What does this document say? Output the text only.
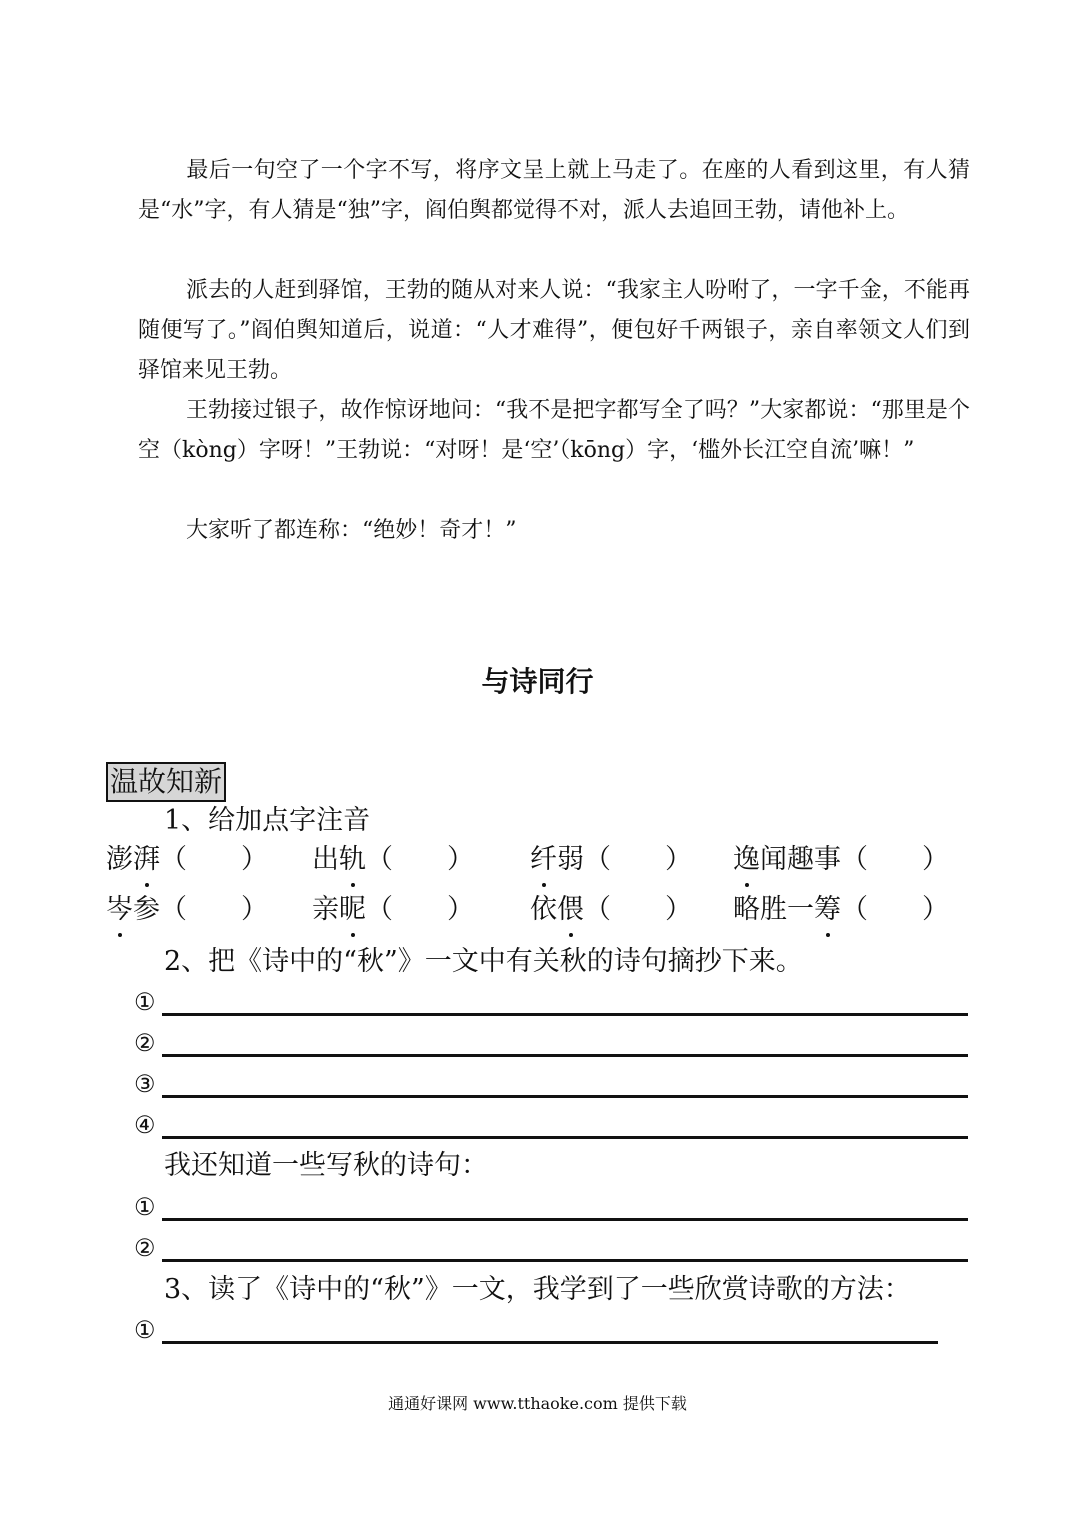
最后一句空了一个字不写，将序文呈上就上马走了。在座的人看到这里，有人猜是“水”字，有人猜是“独”字，阎伯舆都觉得不对，派人去追回王勃，请他补上。
派去的人赶到驿馆，王勃的随从对来人说：“我家主人吩咐了，一字千金，不能再随便写了。”阎伯舆知道后，说道：“人才难得”，便包好千两银子，亲自率领文人们到驿馆来见王勃。
王勃接过银子，故作惊讶地问：“我不是把字都写全了吗？”大家都说：“那里是个空（kòng）字呀！”王勃说：“对呀！是‘空’（kōng）字，‘槛外长江空自流’嘛！”
大家听了都连称：“绝妙！奇才！”
与诗同行
温故知新
1、给加点字注音
澎湃（　　） 出轨（　　） 纤弱（　　） 逸闻趣事（　　）
岑参（　　） 亲昵（　　） 依偎（　　） 略胜一筹（　　）
2、把《诗中的“秋”》一文中有关秋的诗句摘抄下来。
①
②
③
④
我还知道一些写秋的诗句：
①
②
3、读了《诗中的“秋”》一文，我学到了一些欣赏诗歌的方法：
①
通通好课网 www.tthaoke.com 提供下载
